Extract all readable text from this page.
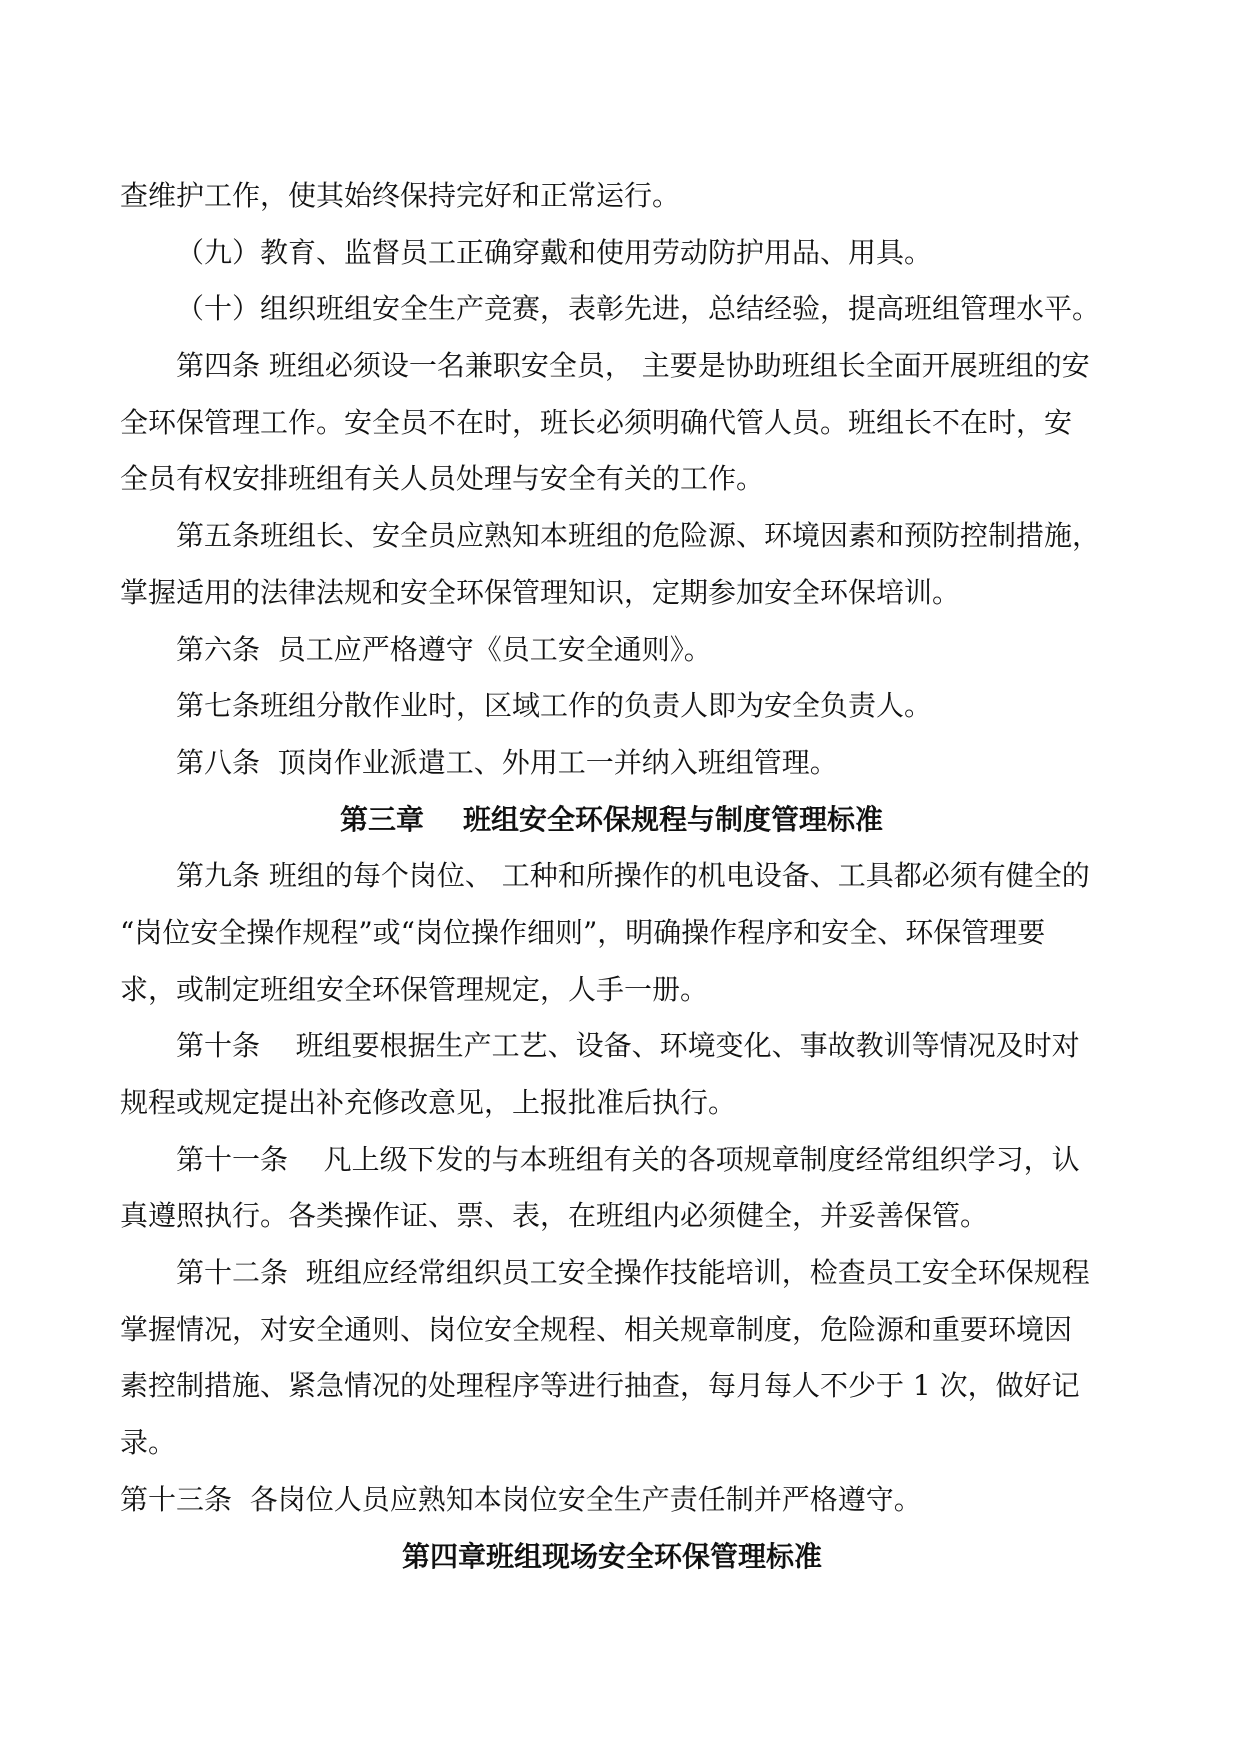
查维护工作，使其始终保持完好和正常运行。
（九）教育、监督员工正确穿戴和使用劳动防护用品、用具。
（十）组织班组安全生产竞赛，表彰先进，总结经验，提高班组管理水平。
第四条 班组必须设一名兼职安全员， 主要是协助班组长全面开展班组的安
全环保管理工作。安全员不在时，班长必须明确代管人员。班组长不在时，安
全员有权安排班组有关人员处理与安全有关的工作。
第五条班组长、安全员应熟知本班组的危险源、环境因素和预防控制措施，
掌握适用的法律法规和安全环保管理知识，定期参加安全环保培训。
第六条  员工应严格遵守《员工安全通则》。
第七条班组分散作业时，区域工作的负责人即为安全负责人。
第八条  顶岗作业派遣工、外用工一并纳入班组管理。
第三章    班组安全环保规程与制度管理标准
第九条 班组的每个岗位、 工种和所操作的机电设备、工具都必须有健全的
“岗位安全操作规程”或“岗位操作细则”，明确操作程序和安全、环保管理要
求，或制定班组安全环保管理规定，人手一册。
第十条    班组要根据生产工艺、设备、环境变化、事故教训等情况及时对
规程或规定提出补充修改意见，上报批准后执行。
第十一条    凡上级下发的与本班组有关的各项规章制度经常组织学习，认
真遵照执行。各类操作证、票、表，在班组内必须健全，并妥善保管。
第十二条  班组应经常组织员工安全操作技能培训，检查员工安全环保规程
掌握情况，对安全通则、岗位安全规程、相关规章制度，危险源和重要环境因
素控制措施、紧急情况的处理程序等进行抽查，每月每人不少于 1 次，做好记
录。
第十三条  各岗位人员应熟知本岗位安全生产责任制并严格遵守。
第四章班组现场安全环保管理标准
